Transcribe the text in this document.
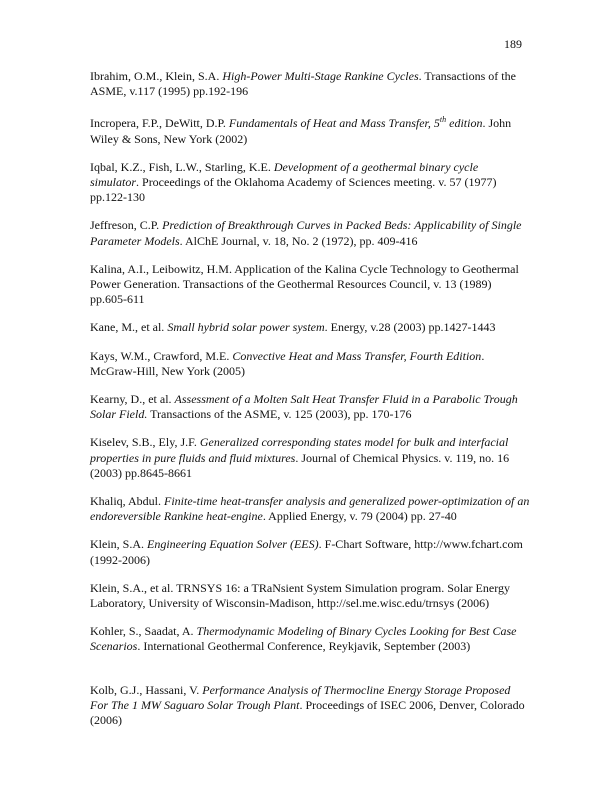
189

Ibrahim, O.M., Klein, S.A. High-Power Multi-Stage Rankine Cycles. Transactions of the ASME, v.117 (1995) pp.192-196

Incropera, F.P., DeWitt, D.P. Fundamentals of Heat and Mass Transfer, 5th edition. John Wiley & Sons, New York (2002)

Iqbal, K.Z., Fish, L.W., Starling, K.E. Development of a geothermal binary cycle simulator. Proceedings of the Oklahoma Academy of Sciences meeting. v. 57 (1977) pp.122-130

Jeffreson, C.P. Prediction of Breakthrough Curves in Packed Beds: Applicability of Single Parameter Models. AlChE Journal, v. 18, No. 2 (1972), pp. 409-416

Kalina, A.I., Leibowitz, H.M. Application of the Kalina Cycle Technology to Geothermal Power Generation. Transactions of the Geothermal Resources Council, v. 13 (1989) pp.605-611

Kane, M., et al. Small hybrid solar power system. Energy, v.28 (2003) pp.1427-1443

Kays, W.M., Crawford, M.E. Convective Heat and Mass Transfer, Fourth Edition. McGraw-Hill, New York (2005)

Kearny, D., et al. Assessment of a Molten Salt Heat Transfer Fluid in a Parabolic Trough Solar Field. Transactions of the ASME, v. 125 (2003), pp. 170-176

Kiselev, S.B., Ely, J.F. Generalized corresponding states model for bulk and interfacial properties in pure fluids and fluid mixtures. Journal of Chemical Physics. v. 119, no. 16 (2003) pp.8645-8661

Khaliq, Abdul. Finite-time heat-transfer analysis and generalized power-optimization of an endoreversible Rankine heat-engine. Applied Energy, v. 79 (2004) pp. 27-40

Klein, S.A. Engineering Equation Solver (EES). F-Chart Software, http://www.fchart.com (1992-2006)

Klein, S.A., et al. TRNSYS 16: a TRaNsient System Simulation program. Solar Energy Laboratory, University of Wisconsin-Madison, http://sel.me.wisc.edu/trnsys (2006)

Kohler, S., Saadat, A. Thermodynamic Modeling of Binary Cycles Looking for Best Case Scenarios. International Geothermal Conference, Reykjavik, September (2003)

Kolb, G.J., Hassani, V. Performance Analysis of Thermocline Energy Storage Proposed For The 1 MW Saguaro Solar Trough Plant. Proceedings of ISEC 2006, Denver, Colorado (2006)
